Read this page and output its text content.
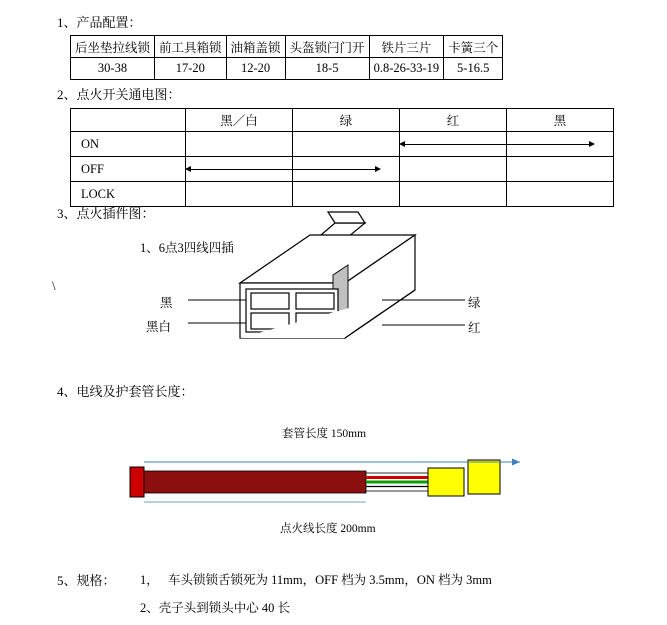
1、产品配置：
后坐垫拉线锁	前工具箱锁	油箱盖锁	头盔锁闩门开	铁片三片	卡簧三个
30-38	17-20	12-20	18-5	0.8-26-33-19	5-16.5
2、点火开关通电图：
	黑／白	绿	红	黑
ON			

OFF	

LOCK				
3、点火插件图：
1、6点3四线四插
\
黑
黑白
绿
红
4、电线及护套管长度：
套管长度 150mm
点火线长度 200mm
5、规格： 1， 车头锁锁舌锁死为 11mm，OFF 档为 3.5mm，ON 档为 3mm
2、壳子头到锁头中心 40 长
